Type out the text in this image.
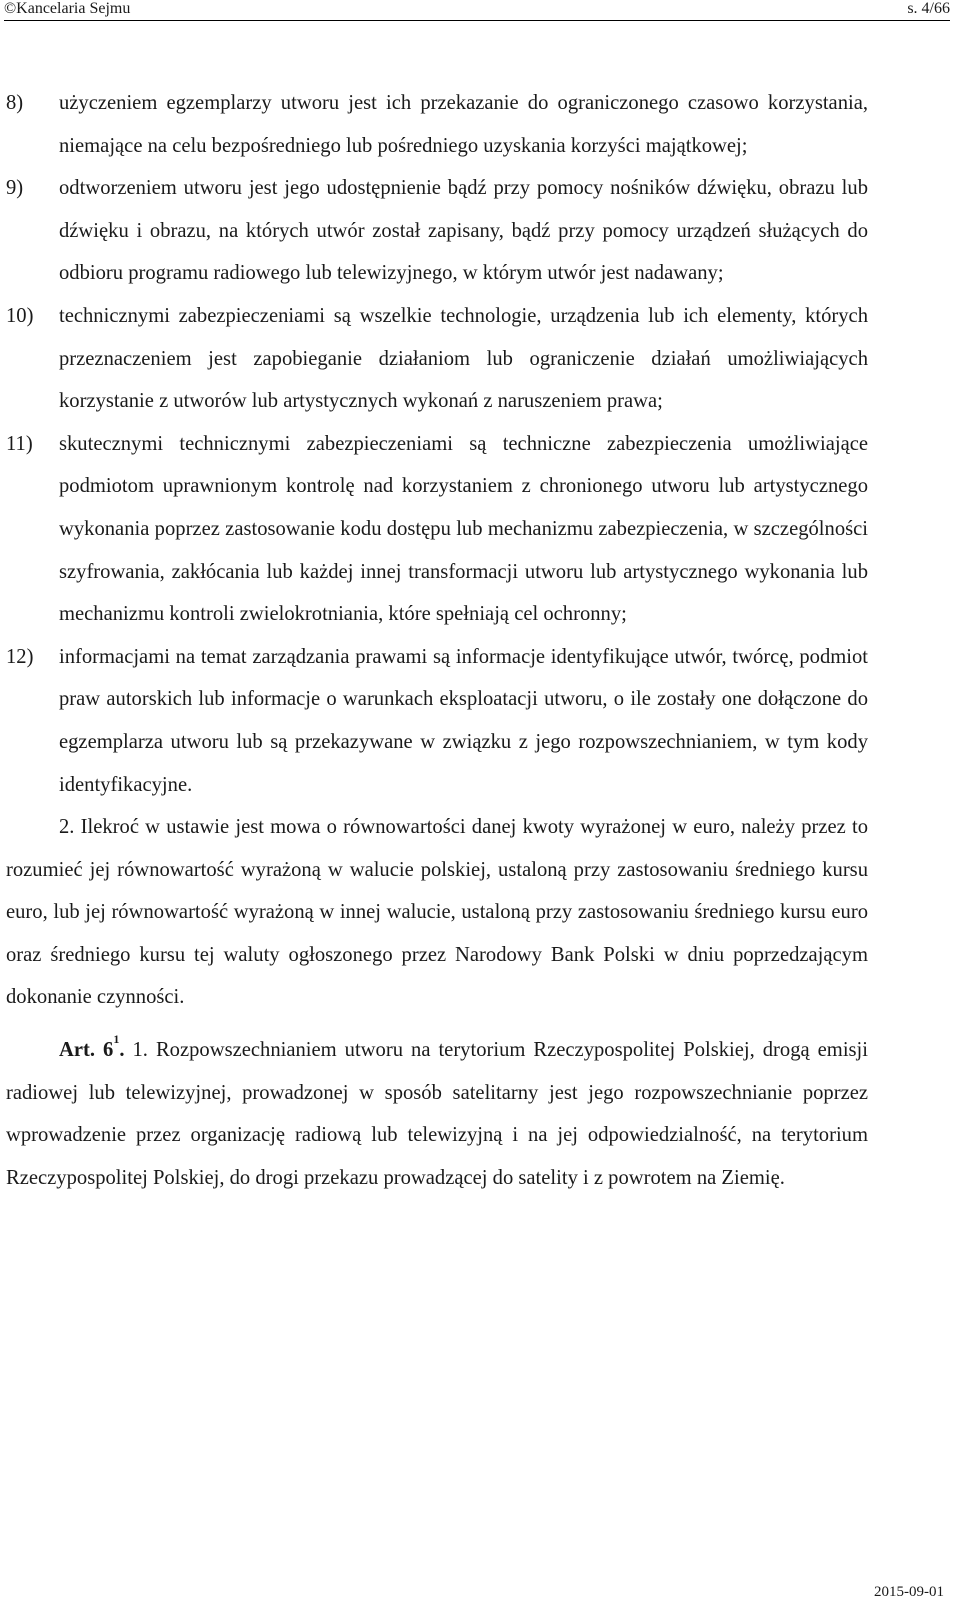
©Kancelaria Sejmu	s. 4/66
8) użyczeniem egzemplarzy utworu jest ich przekazanie do ograniczonego czasowo korzystania, niemające na celu bezpośredniego lub pośredniego uzyskania korzyści majątkowej;
9) odtworzeniem utworu jest jego udostępnienie bądź przy pomocy nośników dźwięku, obrazu lub dźwięku i obrazu, na których utwór został zapisany, bądź przy pomocy urządzeń służących do odbioru programu radiowego lub telewizyjnego, w którym utwór jest nadawany;
10) technicznymi zabezpieczeniami są wszelkie technologie, urządzenia lub ich elementy, których przeznaczeniem jest zapobieganie działaniom lub ograniczenie działań umożliwiających korzystanie z utworów lub artystycznych wykonań z naruszeniem prawa;
11) skutecznymi technicznymi zabezpieczeniami są techniczne zabezpieczenia umożliwiające podmiotom uprawnionym kontrolę nad korzystaniem z chronionego utworu lub artystycznego wykonania poprzez zastosowanie kodu dostępu lub mechanizmu zabezpieczenia, w szczególności szyfrowania, zakłócania lub każdej innej transformacji utworu lub artystycznego wykonania lub mechanizmu kontroli zwielokrotniania, które spełniają cel ochronny;
12) informacjami na temat zarządzania prawami są informacje identyfikujące utwór, twórcę, podmiot praw autorskich lub informacje o warunkach eksploatacji utworu, o ile zostały one dołączone do egzemplarza utworu lub są przekazywane w związku z jego rozpowszechnianiem, w tym kody identyfikacyjne.
2. Ilekroć w ustawie jest mowa o równowartości danej kwoty wyrażonej w euro, należy przez to rozumieć jej równowartość wyrażoną w walucie polskiej, ustaloną przy zastosowaniu średniego kursu euro, lub jej równowartość wyrażoną w innej walucie, ustaloną przy zastosowaniu średniego kursu euro oraz średniego kursu tej waluty ogłoszonego przez Narodowy Bank Polski w dniu poprzedzającym dokonanie czynności.
Art. $6^1$. 1. Rozpowszechnianiem utworu na terytorium Rzeczypospolitej Polskiej, drogą emisji radiowej lub telewizyjnej, prowadzonej w sposób satelitarny jest jego rozpowszechnianie poprzez wprowadzenie przez organizację radiową lub telewizyjną i na jej odpowiedzialność, na terytorium Rzeczypospolitej Polskiej, do drogi przekazu prowadzącej do satelity i z powrotem na Ziemię.
2015-09-01
